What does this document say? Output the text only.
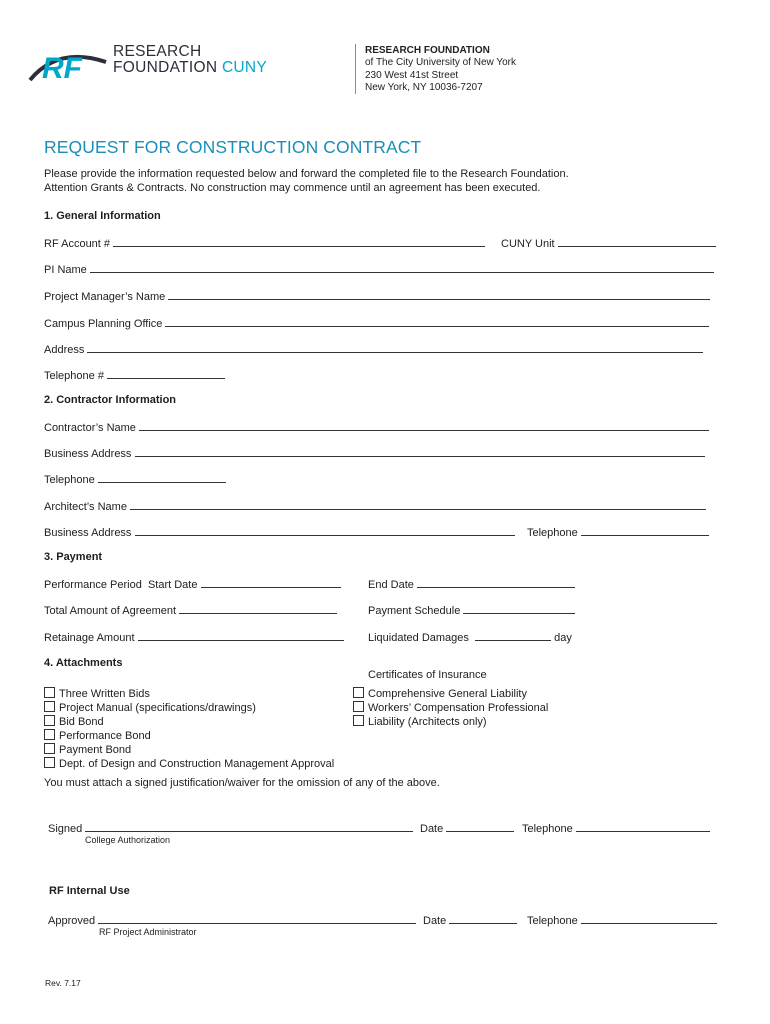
RF
RESEARCH
FOUNDATION CUNY
RESEARCH FOUNDATION
of The City University of New York
230 West 41st Street
New York, NY 10036-7207
REQUEST FOR CONSTRUCTION CONTRACT
Please provide the information requested below and forward the completed file to the Research Foundation.
Attention Grants & Contracts. No construction may commence until an agreement has been executed.
1. General Information
RF Account #	CUNY Unit
PI Name
Project Manager’s Name
Campus Planning Office
Address
Telephone #
2. Contractor Information
Contractor’s Name
Business Address
Telephone
Architect’s Name
Business Address	Telephone
3. Payment
Performance Period Start Date	End Date
Total Amount of Agreement	Payment Schedule
Retainage Amount	Liquidated Damages	day
4. Attachments
Certificates of Insurance
Three Written Bids
Project Manual (specifications/drawings)
Bid Bond
Performance Bond
Payment Bond
Dept. of Design and Construction Management Approval
Comprehensive General Liability
Workers’ Compensation Professional
Liability (Architects only)
You must attach a signed justification/waiver for the omission of any of the above.
Signed	Date	Telephone
College Authorization
RF Internal Use
Approved	Date	Telephone
RF Project Administrator
Rev. 7.17
